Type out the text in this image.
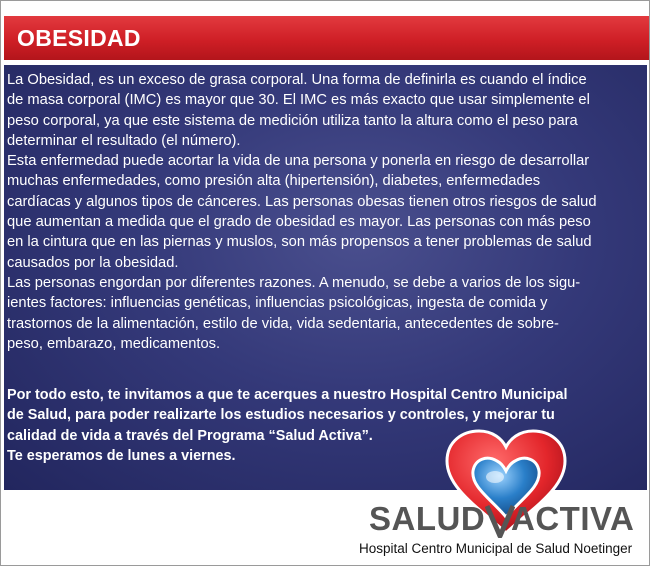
OBESIDAD

La Obesidad, es un exceso de grasa corporal. Una forma de definirla es cuando el índice

de masa corporal (IMC) es mayor que 30. El IMC es más exacto que usar simplemente el

peso corporal, ya que este sistema de medición utiliza tanto la altura como el peso para

determinar el resultado (el número).

Esta enfermedad puede acortar la vida de una persona y ponerla en riesgo de desarrollar

muchas enfermedades, como presión alta (hipertensión), diabetes, enfermedades

cardíacas y algunos tipos de cánceres. Las personas obesas tienen otros riesgos de salud

que aumentan a medida que el grado de obesidad es mayor. Las personas con más peso

en la cintura que en las piernas y muslos, son más propensos a tener problemas de salud

causados por la obesidad.

Las personas engordan por diferentes razones. A menudo, se debe a varios de los sigu-

ientes factores: influencias genéticas, influencias psicológicas, ingesta de comida y

trastornos de la alimentación, estilo de vida, vida sedentaria, antecedentes de sobre-

peso, embarazo, medicamentos.

Por todo esto, te invitamos a que te acerques a nuestro Hospital Centro Municipal

de Salud, para poder realizarte los estudios necesarios y controles, y mejorar tu

calidad de vida a través del Programa “Salud Activa”.

Te esperamos de lunes a viernes.

SALUD ACTIVA
Hospital Centro Municipal de Salud Noetinger
